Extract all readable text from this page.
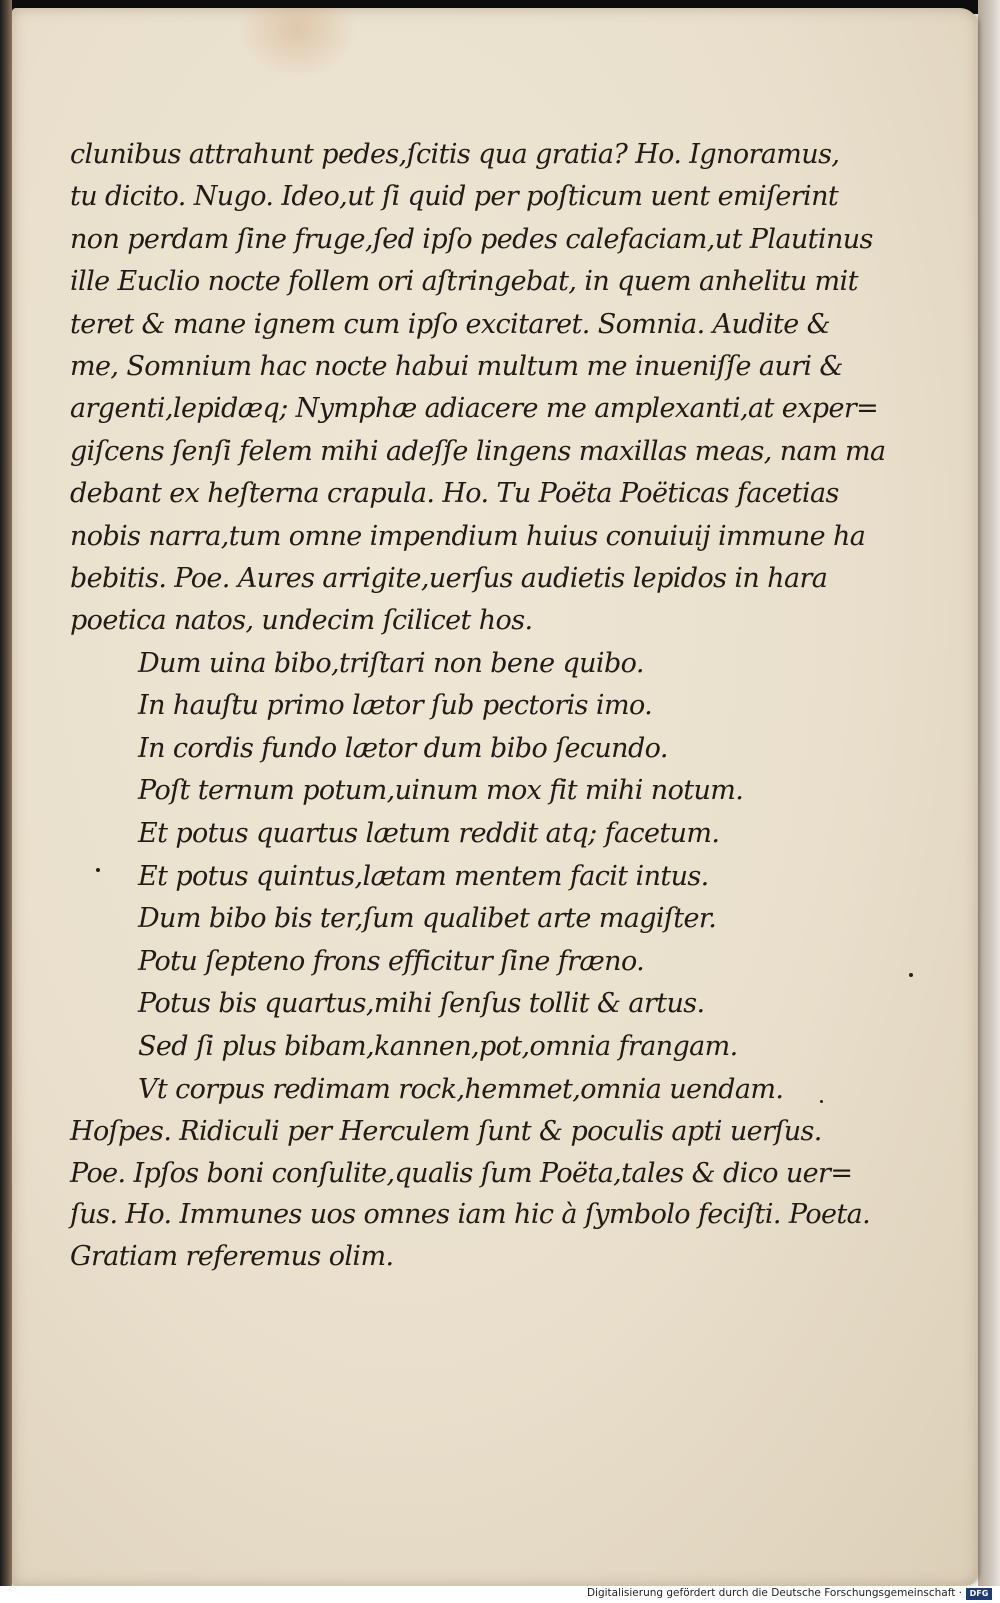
clunibus attrahunt pedes,ſcitis qua gratia? Ho. Ignoramus,
tu dicito. Nugo. Ideo,ut ſi quid per poſticum uent emiſerint
non perdam ſine fruge,ſed ipſo pedes calefaciam,ut Plautinus
ille Euclio nocte follem ori aſtringebat, in quem anhelitu mit
teret & mane ignem cum ipſo excitaret. Somnia. Audite &
me, Somnium hac nocte habui multum me inueniſſe auri &
argenti,lepidæq; Nymphæ adiacere me amplexanti,at exper=
giſcens ſenſi felem mihi adeſſe lingens maxillas meas, nam ma
debant ex heſterna crapula. Ho. Tu Poëta Poëticas facetias
nobis narra,tum omne impendium huius conuiuij immune ha
bebitis. Poe. Aures arrigite,uerſus audietis lepidos in hara
poetica natos, undecim ſcilicet hos.
Dum uina bibo,triſtari non bene quibo.
In hauſtu primo lætor ſub pectoris imo.
In cordis fundo lætor dum bibo ſecundo.
Poſt ternum potum,uinum mox fit mihi notum.
Et potus quartus lætum reddit atq; facetum.
Et potus quintus,lætam mentem facit intus.
Dum bibo bis ter,ſum qualibet arte magiſter.
Potu ſepteno frons efficitur ſine fræno.
Potus bis quartus,mihi ſenſus tollit & artus.
Sed ſi plus bibam,kannen,pot,omnia frangam.
Vt corpus redimam rock,hemmet,omnia uendam.
Hoſpes. Ridiculi per Herculem ſunt & poculis apti uerſus.
Poe. Ipſos boni conſulite,qualis ſum Poëta,tales & dico uer=
ſus. Ho. Immunes uos omnes iam hic à ſymbolo feciſti. Poeta.
Gratiam referemus olim.
Digitalisierung gefördert durch die Deutsche Forschungsgemeinschaft · DFG
